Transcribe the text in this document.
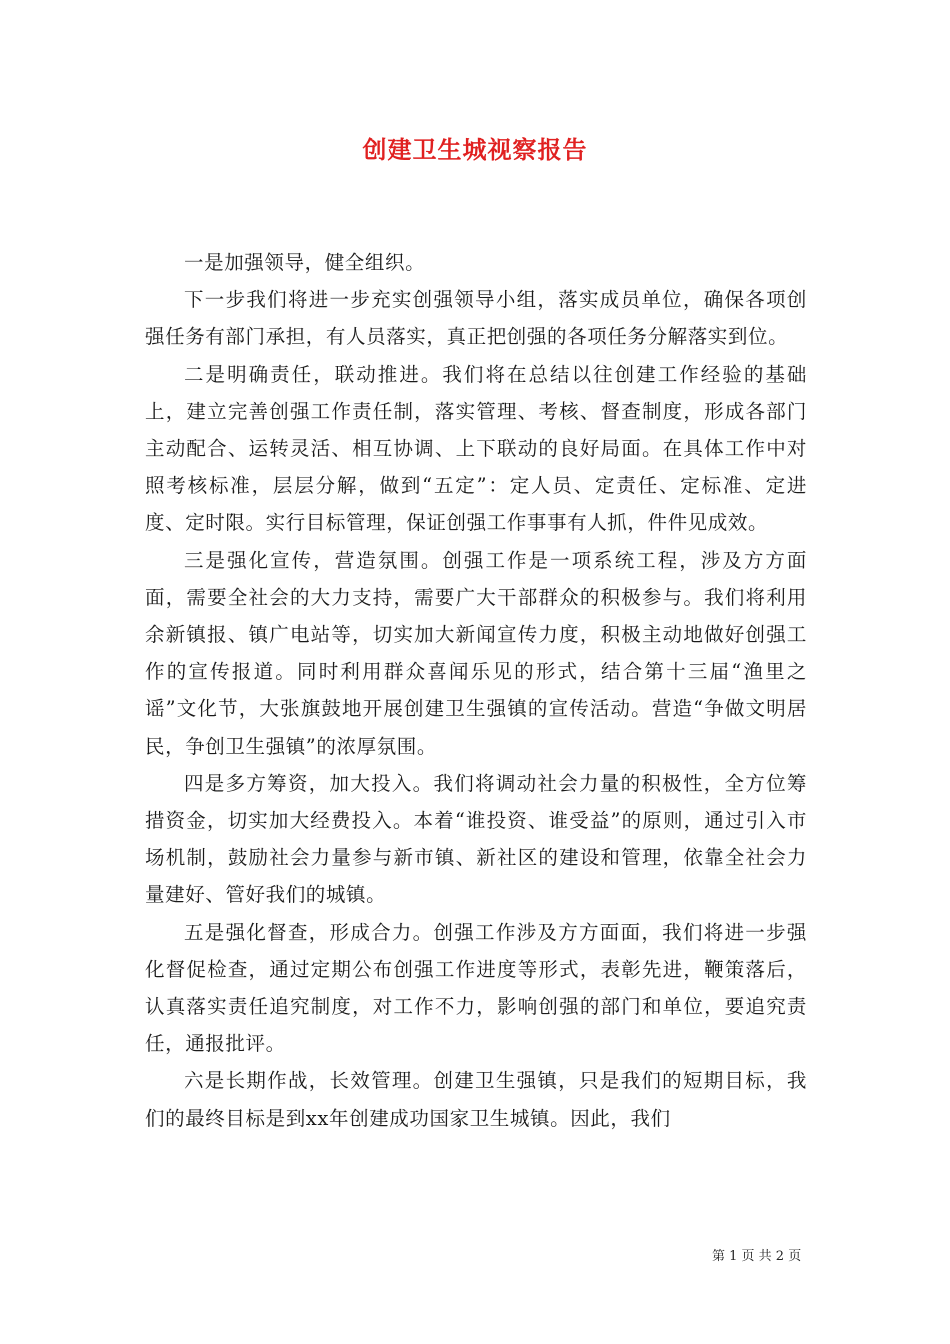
创建卫生城视察报告

一是加强领导，健全组织。

下一步我们将进一步充实创强领导小组，落实成员单位，确保各项创强任务有部门承担，有人员落实，真正把创强的各项任务分解落实到位。

二是明确责任，联动推进。我们将在总结以往创建工作经验的基础上，建立完善创强工作责任制，落实管理、考核、督查制度，形成各部门主动配合、运转灵活、相互协调、上下联动的良好局面。在具体工作中对照考核标准，层层分解，做到“五定”：定人员、定责任、定标准、定进度、定时限。实行目标管理，保证创强工作事事有人抓，件件见成效。

三是强化宣传，营造氛围。创强工作是一项系统工程，涉及方方面面，需要全社会的大力支持，需要广大干部群众的积极参与。我们将利用余新镇报、镇广电站等，切实加大新闻宣传力度，积极主动地做好创强工作的宣传报道。同时利用群众喜闻乐见的形式，结合第十三届“渔里之谣”文化节，大张旗鼓地开展创建卫生强镇的宣传活动。营造“争做文明居民，争创卫生强镇”的浓厚氛围。

四是多方筹资，加大投入。我们将调动社会力量的积极性，全方位筹措资金，切实加大经费投入。本着“谁投资、谁受益”的原则，通过引入市场机制，鼓励社会力量参与新市镇、新社区的建设和管理，依靠全社会力量建好、管好我们的城镇。

五是强化督查，形成合力。创强工作涉及方方面面，我们将进一步强化督促检查，通过定期公布创强工作进度等形式，表彰先进，鞭策落后，认真落实责任追究制度，对工作不力，影响创强的部门和单位，要追究责任，通报批评。

六是长期作战，长效管理。创建卫生强镇，只是我们的短期目标，我们的最终目标是到xx年创建成功国家卫生城镇。因此，我们

第 1 页 共 2 页
